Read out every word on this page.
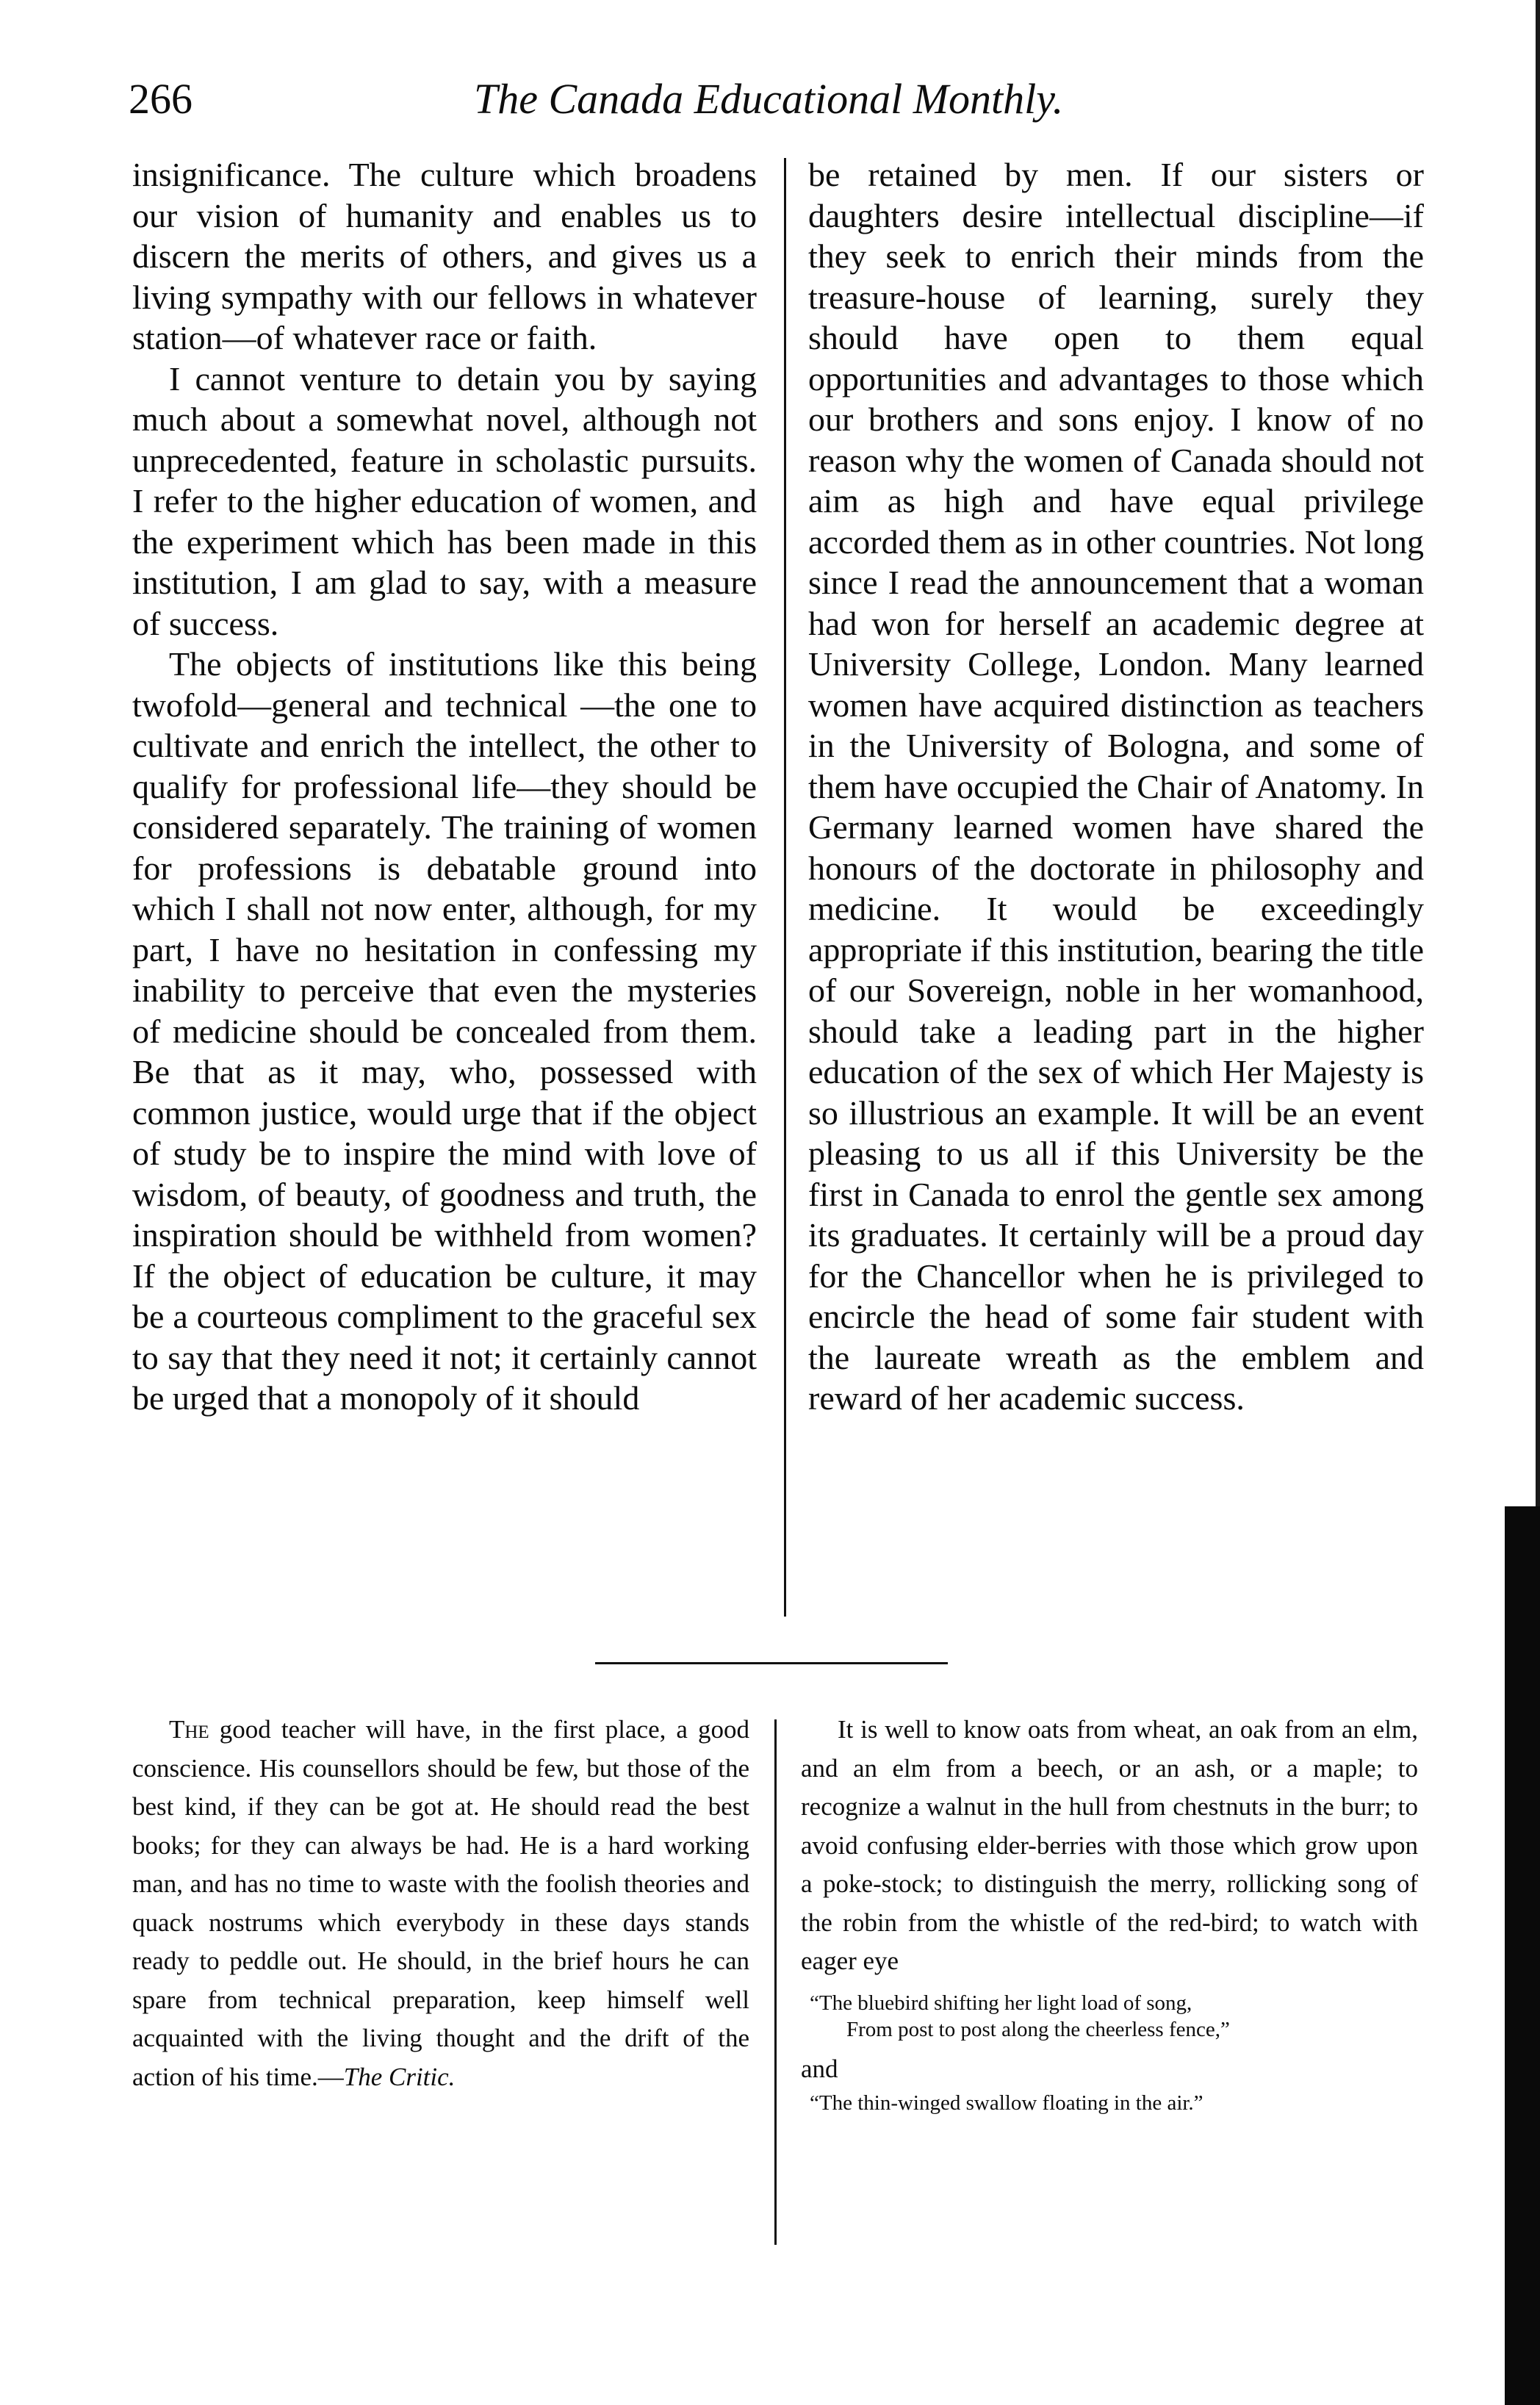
266	The Canada Educational Monthly.

insignificance. The culture which broadens our vision of humanity and enables us to discern the merits of others, and gives us a living sympathy with our fellows in whatever station—of whatever race or faith.

I cannot venture to detain you by saying much about a somewhat novel, although not unprecedented, feature in scholastic pursuits. I refer to the higher education of women, and the experiment which has been made in this institution, I am glad to say, with a measure of success.

The objects of institutions like this being twofold—general and technical —the one to cultivate and enrich the intellect, the other to qualify for professional life—they should be considered separately. The training of women for professions is debatable ground into which I shall not now enter, although, for my part, I have no hesitation in confessing my inability to perceive that even the mysteries of medicine should be concealed from them. Be that as it may, who, possessed with common justice, would urge that if the object of study be to inspire the mind with love of wisdom, of beauty, of goodness and truth, the inspiration should be withheld from women? If the object of education be culture, it may be a courteous compliment to the graceful sex to say that they need it not; it certainly cannot be urged that a monopoly of it should

be retained by men. If our sisters or daughters desire intellectual discipline—if they seek to enrich their minds from the treasure-house of learning, surely they should have open to them equal opportunities and advantages to those which our brothers and sons enjoy. I know of no reason why the women of Canada should not aim as high and have equal privilege accorded them as in other countries. Not long since I read the announcement that a woman had won for herself an academic degree at University College, London. Many learned women have acquired distinction as teachers in the University of Bologna, and some of them have occupied the Chair of Anatomy. In Germany learned women have shared the honours of the doctorate in philosophy and medicine. It would be exceedingly appropriate if this institution, bearing the title of our Sovereign, noble in her womanhood, should take a leading part in the higher education of the sex of which Her Majesty is so illustrious an example. It will be an event pleasing to us all if this University be the first in Canada to enrol the gentle sex among its graduates. It certainly will be a proud day for the Chancellor when he is privileged to encircle the head of some fair student with the laureate wreath as the emblem and reward of her academic success.

The good teacher will have, in the first place, a good conscience. His counsellors should be few, but those of the best kind, if they can be got at. He should read the best books; for they can always be had. He is a hard working man, and has no time to waste with the foolish theories and quack nostrums which everybody in these days stands ready to peddle out. He should, in the brief hours he can spare from technical preparation, keep himself well acquainted with the living thought and the drift of the action of his time.—The Critic.

It is well to know oats from wheat, an oak from an elm, and an elm from a beech, or an ash, or a maple; to recognize a walnut in the hull from chestnuts in the burr; to avoid confusing elder-berries with those which grow upon a poke-stock; to distinguish the merry, rollicking song of the robin from the whistle of the red-bird; to watch with eager eye

“The bluebird shifting her light load of song,
From post to post along the cheerless fence,”

and

“The thin-winged swallow floating in the air.”
